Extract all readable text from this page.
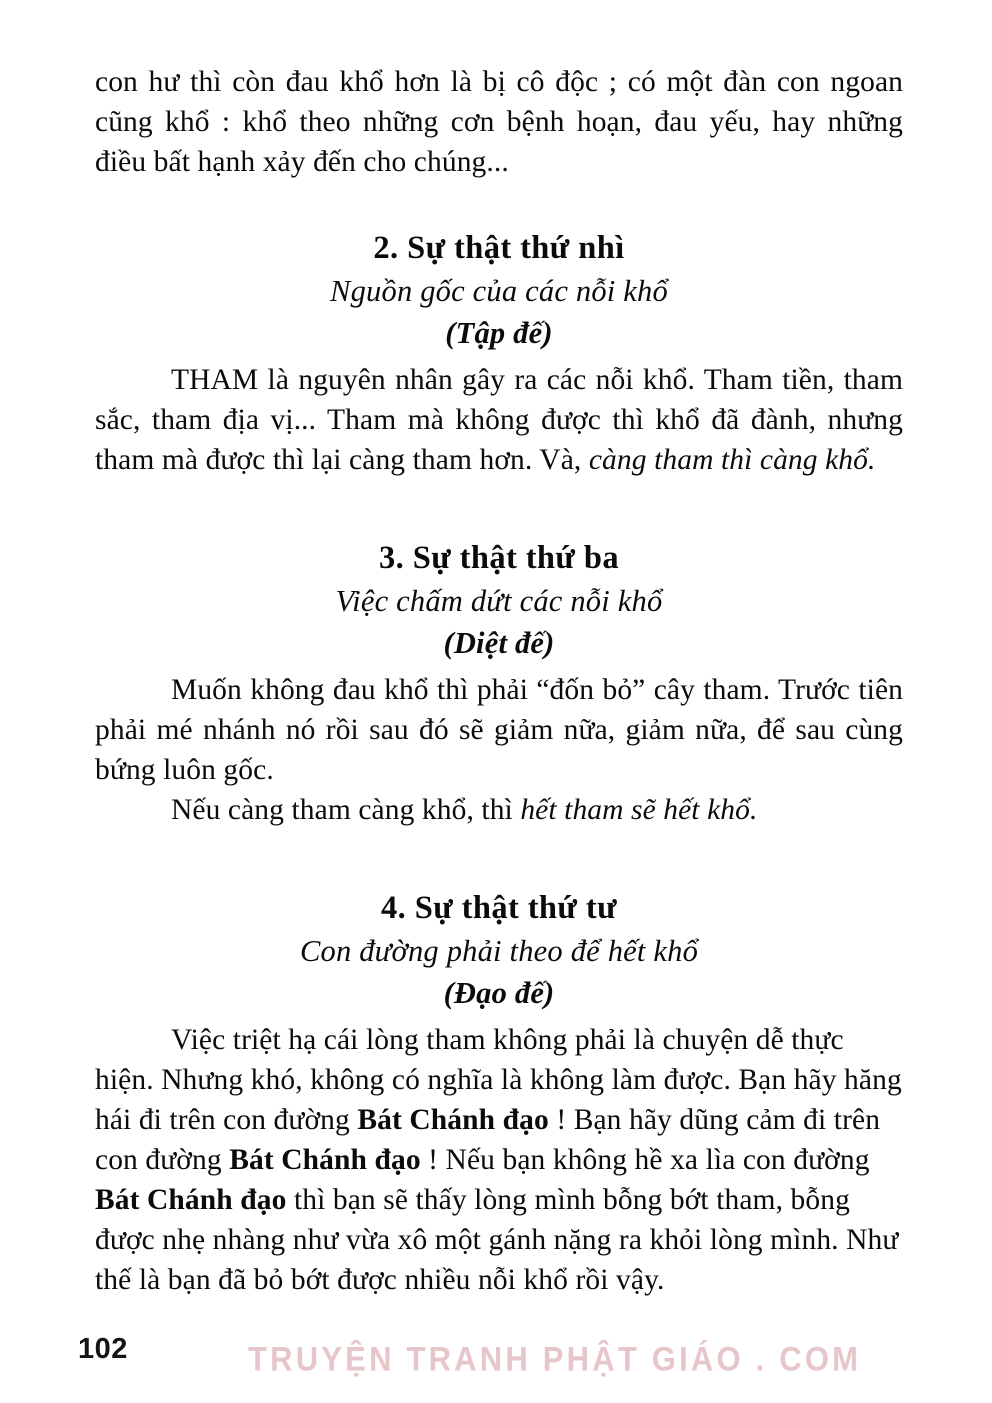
con hư thì còn đau khổ hơn là bị cô độc ; có một đàn con ngoan cũng khổ : khổ theo những cơn bệnh hoạn, đau yếu, hay những điều bất hạnh xảy đến cho chúng...

2. Sự thật thứ nhì

Nguồn gốc của các nỗi khổ

(Tập đế)

THAM là nguyên nhân gây ra các nỗi khổ. Tham tiền, tham sắc, tham địa vị... Tham mà không được thì khổ đã đành, nhưng tham mà được thì lại càng tham hơn. Và, càng tham thì càng khổ.

3. Sự thật thứ ba

Việc chấm dứt các nỗi khổ

(Diệt đế)

Muốn không đau khổ thì phải “đốn bỏ” cây tham. Trước tiên phải mé nhánh nó rồi sau đó sẽ giảm nữa, giảm nữa, để sau cùng bứng luôn gốc.

Nếu càng tham càng khổ, thì hết tham sẽ hết khổ.

4. Sự thật thứ tư

Con đường phải theo để hết khổ

(Đạo đế)

Việc triệt hạ cái lòng tham không phải là chuyện dễ thực hiện. Nhưng khó, không có nghĩa là không làm được. Bạn hãy hăng hái đi trên con đường Bát Chánh đạo ! Bạn hãy dũng cảm đi trên con đường Bát Chánh đạo ! Nếu bạn không hề xa lìa con đường Bát Chánh đạo thì bạn sẽ thấy lòng mình bỗng bớt tham, bỗng được nhẹ nhàng như vừa xô một gánh nặng ra khỏi lòng mình. Như thế là bạn đã bỏ bớt được nhiều nỗi khổ rồi vậy.

102	TRUYỆN TRANH PHẬT GIÁO . COM
